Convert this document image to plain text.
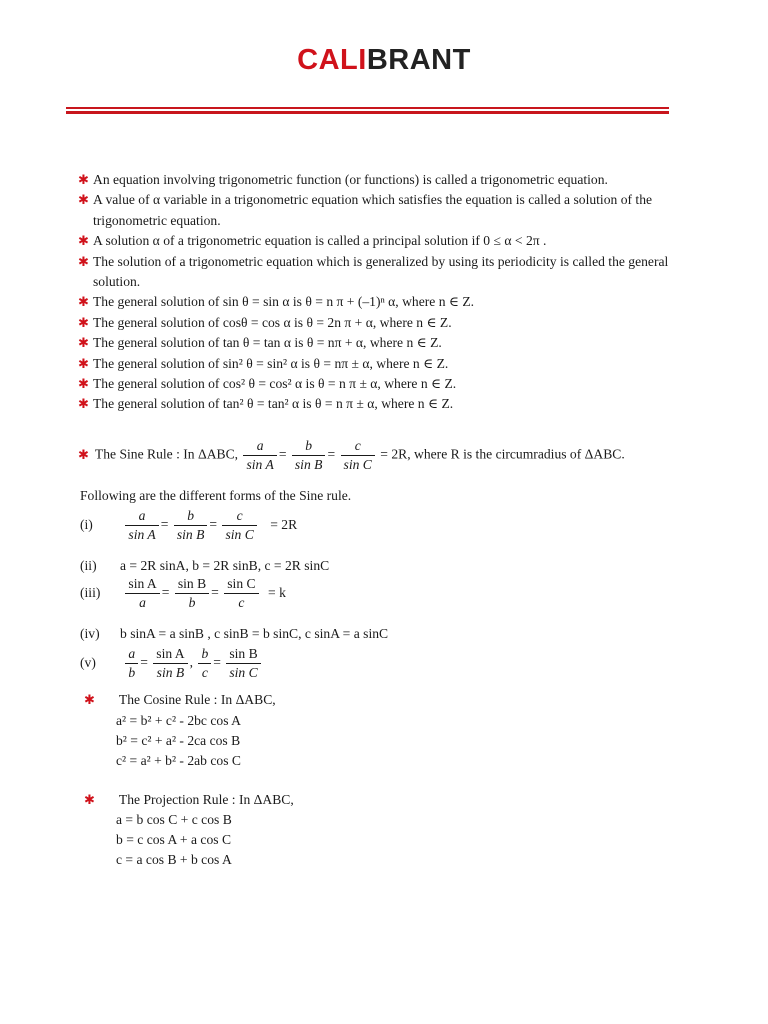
CALIBRANT
✱ An equation involving trigonometric function (or functions) is called a trigonometric equation.
✱ A value of α variable in a trigonometric equation which satisfies the equation is called a solution of the trigonometric equation.
✱ A solution α of a trigonometric equation is called a principal solution if 0 ≤ α < 2π .
✱ The solution of a trigonometric equation which is generalized by using its periodicity is called the general solution.
✱ The general solution of sin θ = sin α is θ = n π + (–1)ⁿ α, where n ∈ Z.
✱ The general solution of cosθ = cos α is θ = 2n π + α, where n ∈ Z.
✱ The general solution of tan θ = tan α is θ = nπ + α, where n ∈ Z.
✱ The general solution of sin² θ = sin² α is θ = nπ ± α, where n ∈ Z.
✱ The general solution of cos² θ = cos² α is θ = n π ± α, where n ∈ Z.
✱ The general solution of tan² θ = tan² α is θ = n π ± α, where n ∈ Z.
✱ The Sine Rule : In ΔABC, $\frac{a}{\text{sin A}} = \frac{b}{\text{sin B}} = \frac{c}{\text{sin C}} = 2R$, where R is the circumradius of ΔABC.
Following are the different forms of the Sine rule.
$(i) \frac{a}{\text{sin A}} = \frac{b}{\text{sin B}} = \frac{c}{\text{sin C}} = 2R$
(ii) a = 2R sinA, b = 2R sinB, c = 2R sinC
$(iii) \frac{\text{sin A}}{a} = \frac{\text{sin B}}{b} = \frac{\text{sin C}}{c} = k$
(iv) b sinA = a sinB , c sinB = b sinC, c sinA = a sinC
$(v) \frac{a}{b} = \frac{\text{sin A}}{\text{sin B}}$ , $\frac{b}{c} = \frac{\text{sin B}}{\text{sin C}}$
✱ The Cosine Rule : In ΔABC,
a² = b² + c² - 2bc cos A
b² = c² + a² - 2ca cos B
c² = a² + b² - 2ab cos C
✱ The Projection Rule : In ΔABC,
a = b cos C + c cos B
b = c cos A + a cos C
c = a cos B + b cos A
